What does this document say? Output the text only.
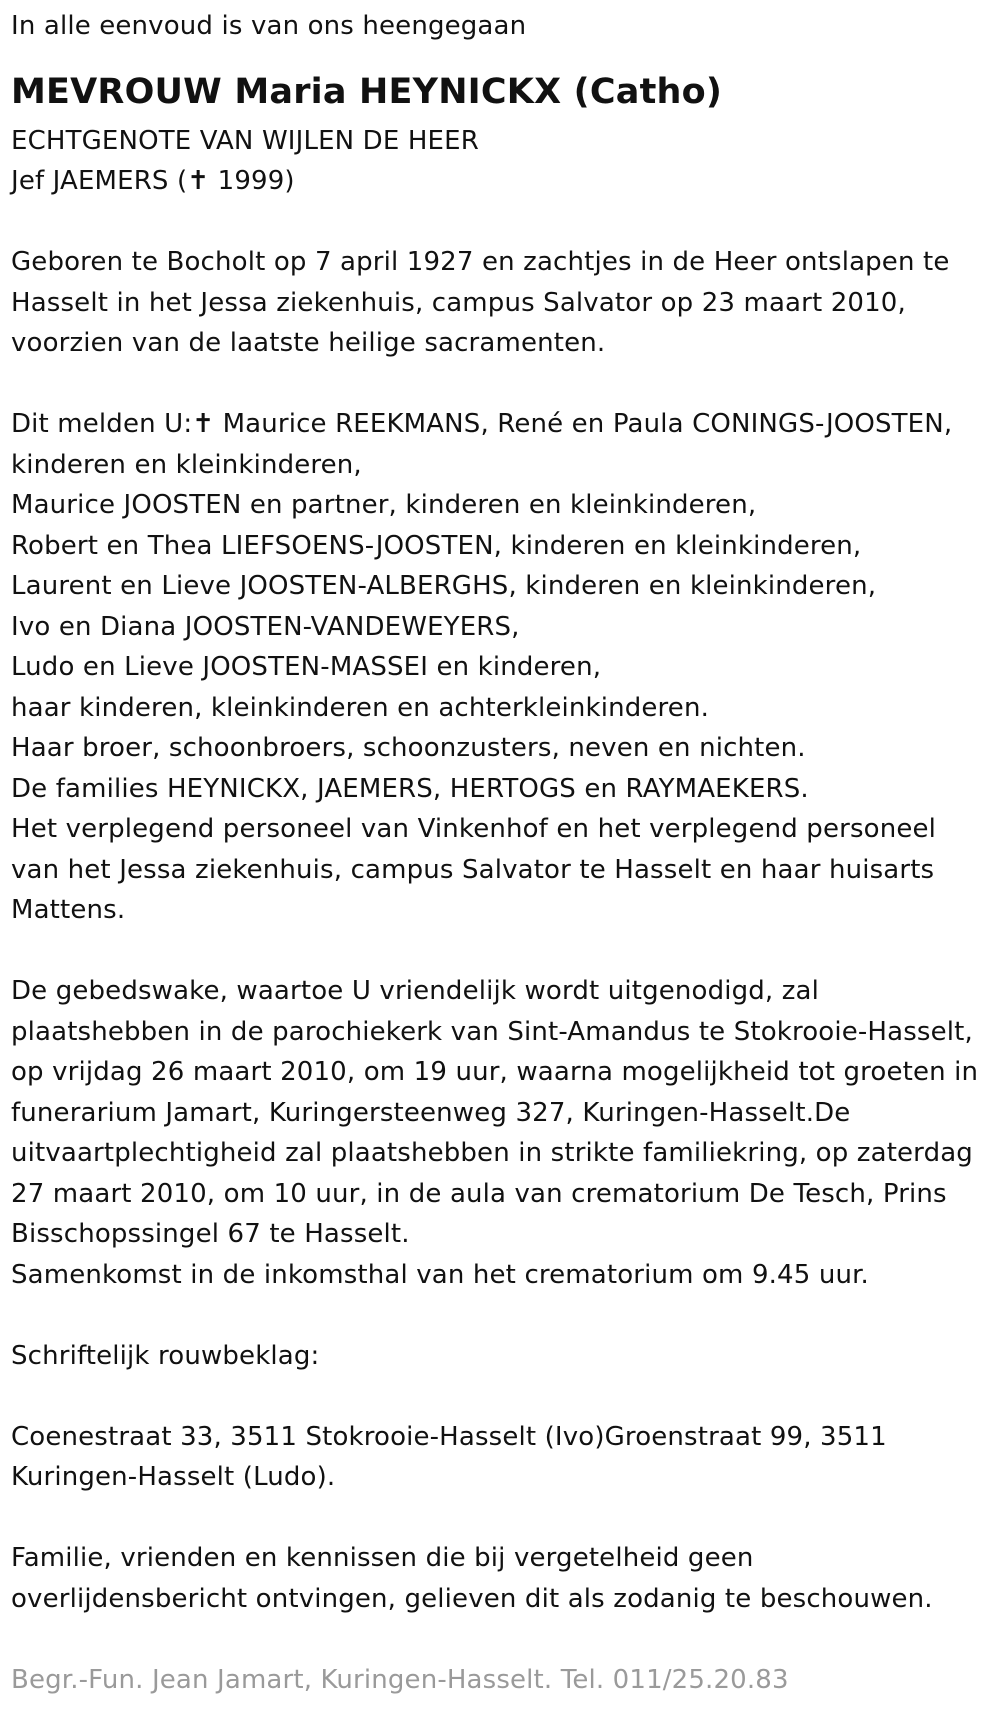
In alle eenvoud is van ons heengegaan
MEVROUW Maria HEYNICKX (Catho)
ECHTGENOTE VAN WIJLEN DE HEER
Jef JAEMERS (✝ 1999)
Geboren te Bocholt op 7 april 1927 en zachtjes in de Heer ontslapen te
Hasselt in het Jessa ziekenhuis, campus Salvator op 23 maart 2010,
voorzien van de laatste heilige sacramenten.
Dit melden U:✝ Maurice REEKMANS, René en Paula CONINGS-JOOSTEN,
kinderen en kleinkinderen,
Maurice JOOSTEN en partner, kinderen en kleinkinderen,
Robert en Thea LIEFSOENS-JOOSTEN, kinderen en kleinkinderen,
Laurent en Lieve JOOSTEN-ALBERGHS, kinderen en kleinkinderen,
Ivo en Diana JOOSTEN-VANDEWEYERS,
Ludo en Lieve JOOSTEN-MASSEI en kinderen,
haar kinderen, kleinkinderen en achterkleinkinderen.
Haar broer, schoonbroers, schoonzusters, neven en nichten.
De families HEYNICKX, JAEMERS, HERTOGS en RAYMAEKERS.
Het verplegend personeel van Vinkenhof en het verplegend personeel
van het Jessa ziekenhuis, campus Salvator te Hasselt en haar huisarts
Mattens.
De gebedswake, waartoe U vriendelijk wordt uitgenodigd, zal
plaatshebben in de parochiekerk van Sint-Amandus te Stokrooie-Hasselt,
op vrijdag 26 maart 2010, om 19 uur, waarna mogelijkheid tot groeten in
funerarium Jamart, Kuringersteenweg 327, Kuringen-Hasselt.De
uitvaartplechtigheid zal plaatshebben in strikte familiekring, op zaterdag
27 maart 2010, om 10 uur, in de aula van crematorium De Tesch, Prins
Bisschopssingel 67 te Hasselt.
Samenkomst in de inkomsthal van het crematorium om 9.45 uur.
Schriftelijk rouwbeklag:
Coenestraat 33, 3511 Stokrooie-Hasselt (Ivo)Groenstraat 99, 3511
Kuringen-Hasselt (Ludo).
Familie, vrienden en kennissen die bij vergetelheid geen
overlijdensbericht ontvingen, gelieven dit als zodanig te beschouwen.
Begr.-Fun. Jean Jamart, Kuringen-Hasselt. Tel. 011/25.20.83
